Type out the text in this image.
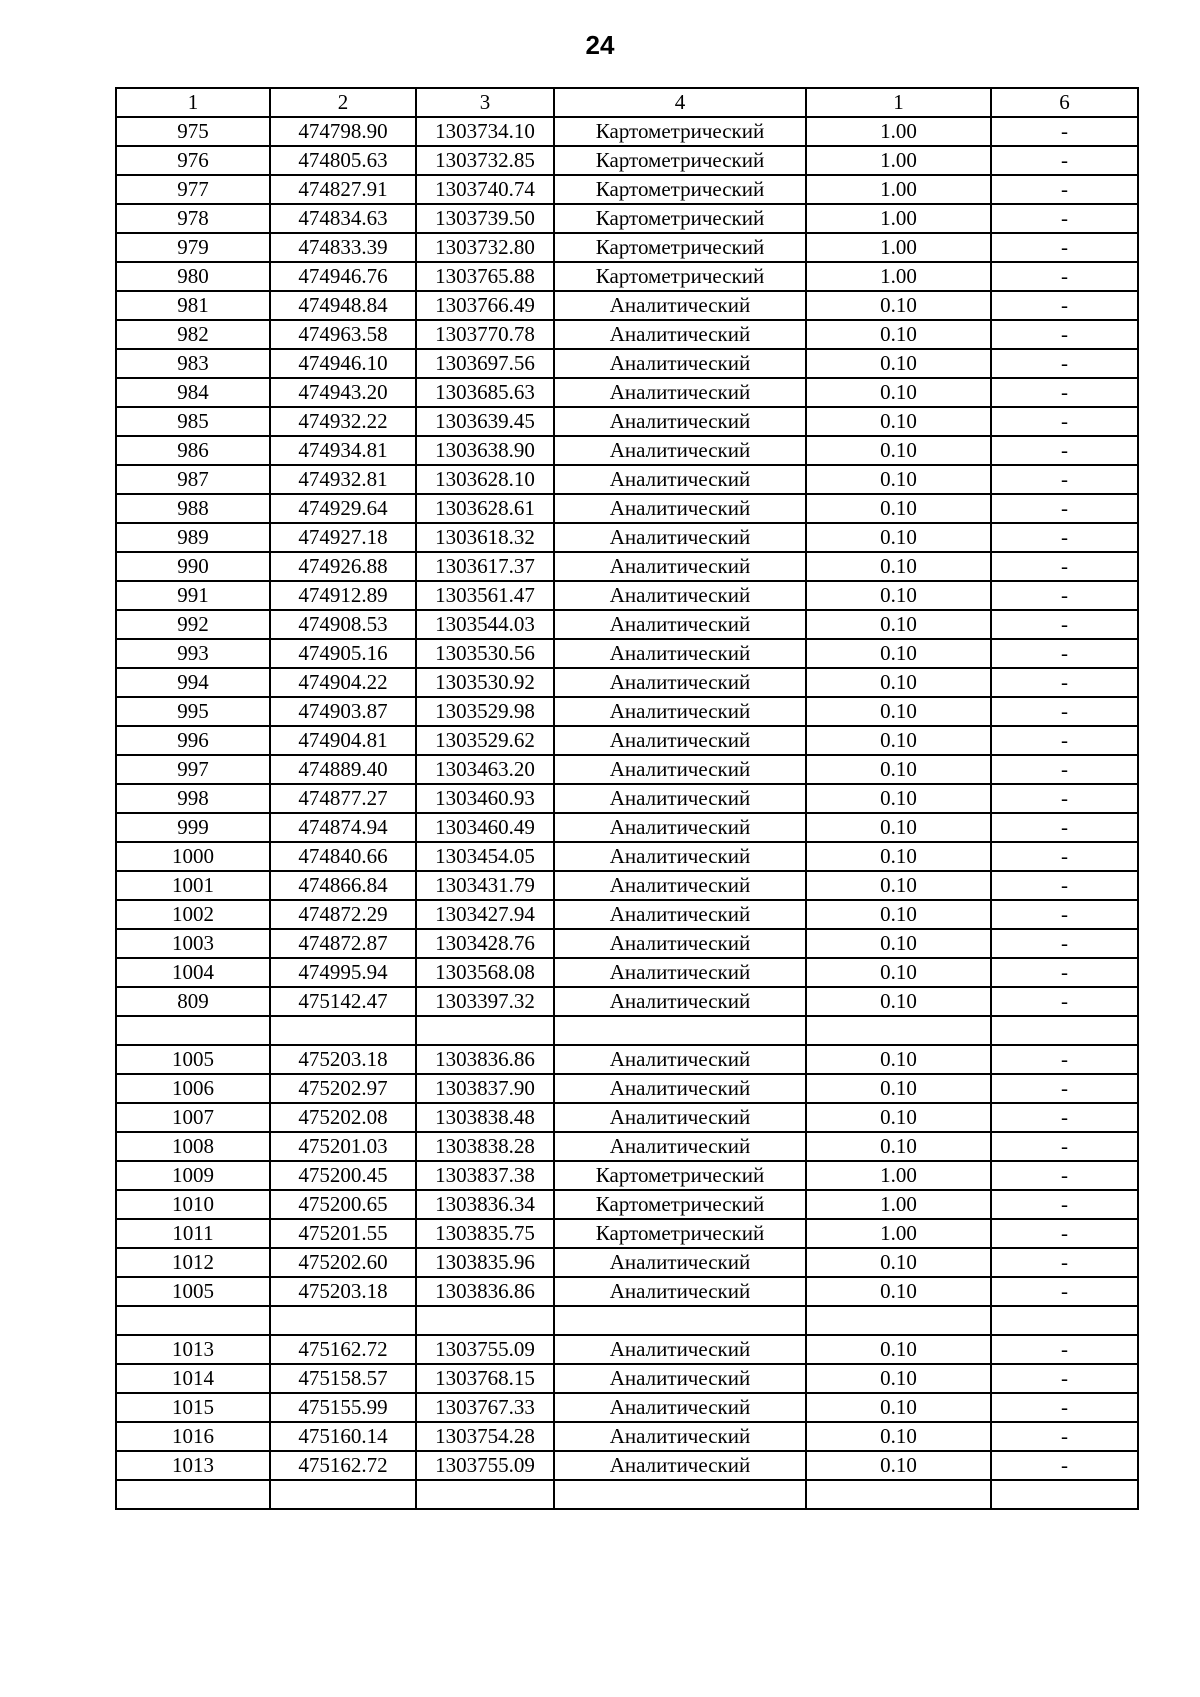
24
1	2	3	4	1	6
975	474798.90	1303734.10	Картометрический	1.00	-
976	474805.63	1303732.85	Картометрический	1.00	-
977	474827.91	1303740.74	Картометрический	1.00	-
978	474834.63	1303739.50	Картометрический	1.00	-
979	474833.39	1303732.80	Картометрический	1.00	-
980	474946.76	1303765.88	Картометрический	1.00	-
981	474948.84	1303766.49	Аналитический	0.10	-
982	474963.58	1303770.78	Аналитический	0.10	-
983	474946.10	1303697.56	Аналитический	0.10	-
984	474943.20	1303685.63	Аналитический	0.10	-
985	474932.22	1303639.45	Аналитический	0.10	-
986	474934.81	1303638.90	Аналитический	0.10	-
987	474932.81	1303628.10	Аналитический	0.10	-
988	474929.64	1303628.61	Аналитический	0.10	-
989	474927.18	1303618.32	Аналитический	0.10	-
990	474926.88	1303617.37	Аналитический	0.10	-
991	474912.89	1303561.47	Аналитический	0.10	-
992	474908.53	1303544.03	Аналитический	0.10	-
993	474905.16	1303530.56	Аналитический	0.10	-
994	474904.22	1303530.92	Аналитический	0.10	-
995	474903.87	1303529.98	Аналитический	0.10	-
996	474904.81	1303529.62	Аналитический	0.10	-
997	474889.40	1303463.20	Аналитический	0.10	-
998	474877.27	1303460.93	Аналитический	0.10	-
999	474874.94	1303460.49	Аналитический	0.10	-
1000	474840.66	1303454.05	Аналитический	0.10	-
1001	474866.84	1303431.79	Аналитический	0.10	-
1002	474872.29	1303427.94	Аналитический	0.10	-
1003	474872.87	1303428.76	Аналитический	0.10	-
1004	474995.94	1303568.08	Аналитический	0.10	-
809	475142.47	1303397.32	Аналитический	0.10	-

1005	475203.18	1303836.86	Аналитический	0.10	-
1006	475202.97	1303837.90	Аналитический	0.10	-
1007	475202.08	1303838.48	Аналитический	0.10	-
1008	475201.03	1303838.28	Аналитический	0.10	-
1009	475200.45	1303837.38	Картометрический	1.00	-
1010	475200.65	1303836.34	Картометрический	1.00	-
1011	475201.55	1303835.75	Картометрический	1.00	-
1012	475202.60	1303835.96	Аналитический	0.10	-
1005	475203.18	1303836.86	Аналитический	0.10	-

1013	475162.72	1303755.09	Аналитический	0.10	-
1014	475158.57	1303768.15	Аналитический	0.10	-
1015	475155.99	1303767.33	Аналитический	0.10	-
1016	475160.14	1303754.28	Аналитический	0.10	-
1013	475162.72	1303755.09	Аналитический	0.10	-
